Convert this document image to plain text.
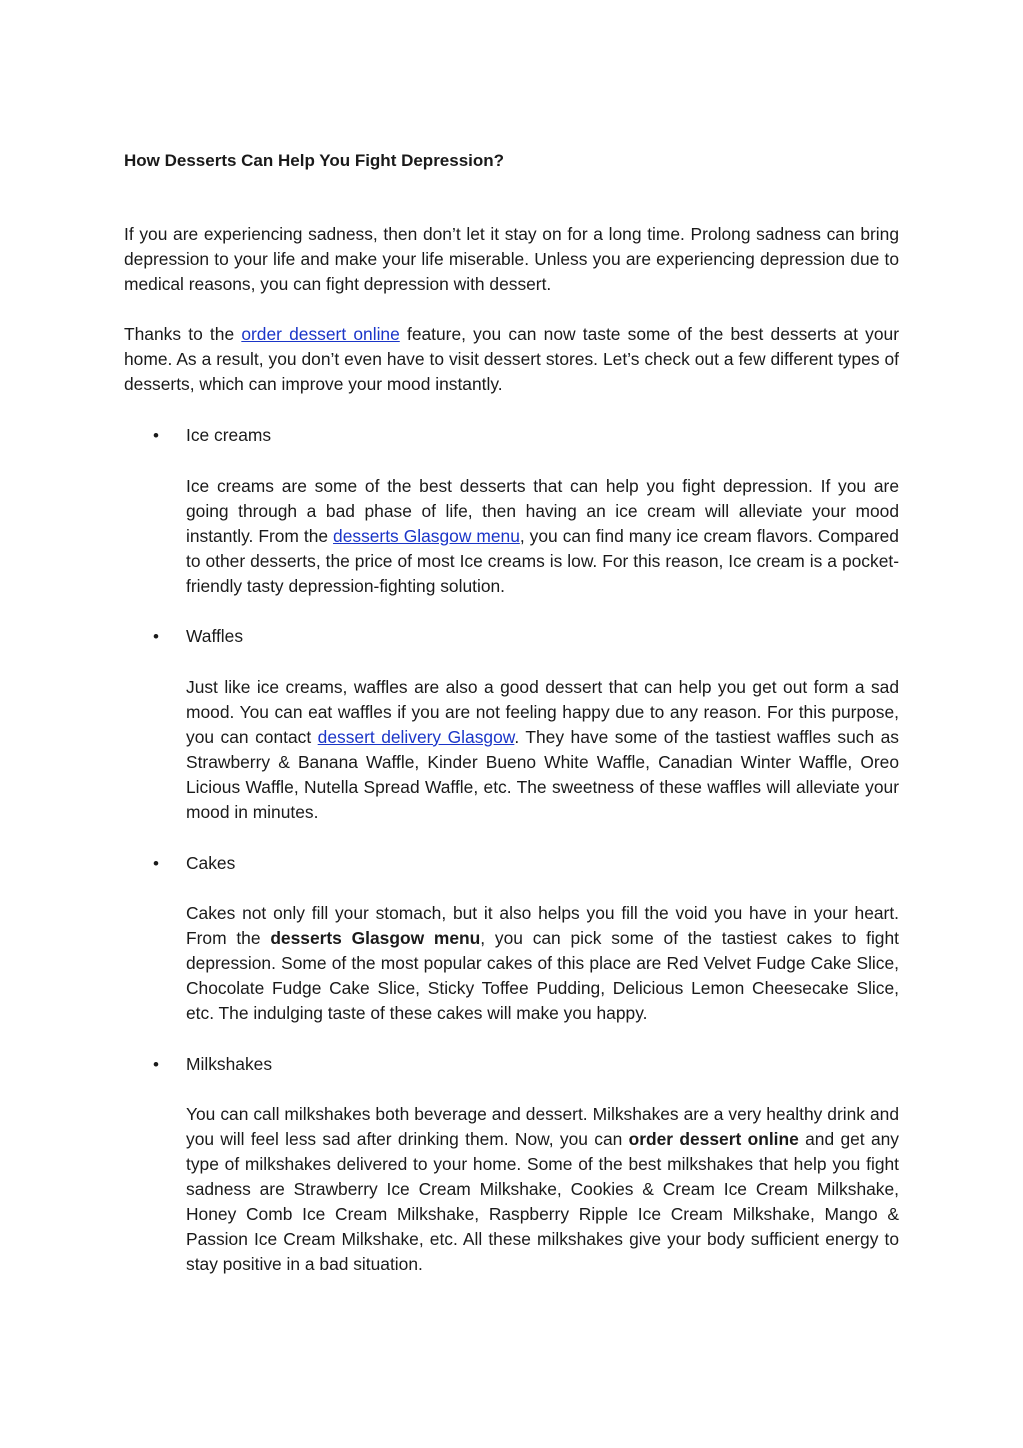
How Desserts Can Help You Fight Depression?

If you are experiencing sadness, then don’t let it stay on for a long time. Prolong sadness can bring depression to your life and make your life miserable. Unless you are experiencing depression due to medical reasons, you can fight depression with dessert.

Thanks to the order dessert online feature, you can now taste some of the best desserts at your home. As a result, you don’t even have to visit dessert stores. Let’s check out a few different types of desserts, which can improve your mood instantly.

• Ice creams

Ice creams are some of the best desserts that can help you fight depression. If you are going through a bad phase of life, then having an ice cream will alleviate your mood instantly. From the desserts Glasgow menu, you can find many ice cream flavors. Compared to other desserts, the price of most Ice creams is low. For this reason, Ice cream is a pocket-friendly tasty depression-fighting solution.

• Waffles

Just like ice creams, waffles are also a good dessert that can help you get out form a sad mood. You can eat waffles if you are not feeling happy due to any reason. For this purpose, you can contact dessert delivery Glasgow. They have some of the tastiest waffles such as Strawberry & Banana Waffle, Kinder Bueno White Waffle, Canadian Winter Waffle, Oreo Licious Waffle, Nutella Spread Waffle, etc. The sweetness of these waffles will alleviate your mood in minutes.

• Cakes

Cakes not only fill your stomach, but it also helps you fill the void you have in your heart. From the desserts Glasgow menu, you can pick some of the tastiest cakes to fight depression. Some of the most popular cakes of this place are Red Velvet Fudge Cake Slice, Chocolate Fudge Cake Slice, Sticky Toffee Pudding, Delicious Lemon Cheesecake Slice, etc. The indulging taste of these cakes will make you happy.

• Milkshakes

You can call milkshakes both beverage and dessert. Milkshakes are a very healthy drink and you will feel less sad after drinking them. Now, you can order dessert online and get any type of milkshakes delivered to your home. Some of the best milkshakes that help you fight sadness are Strawberry Ice Cream Milkshake, Cookies & Cream Ice Cream Milkshake, Honey Comb Ice Cream Milkshake, Raspberry Ripple Ice Cream Milkshake, Mango & Passion Ice Cream Milkshake, etc. All these milkshakes give your body sufficient energy to stay positive in a bad situation.
